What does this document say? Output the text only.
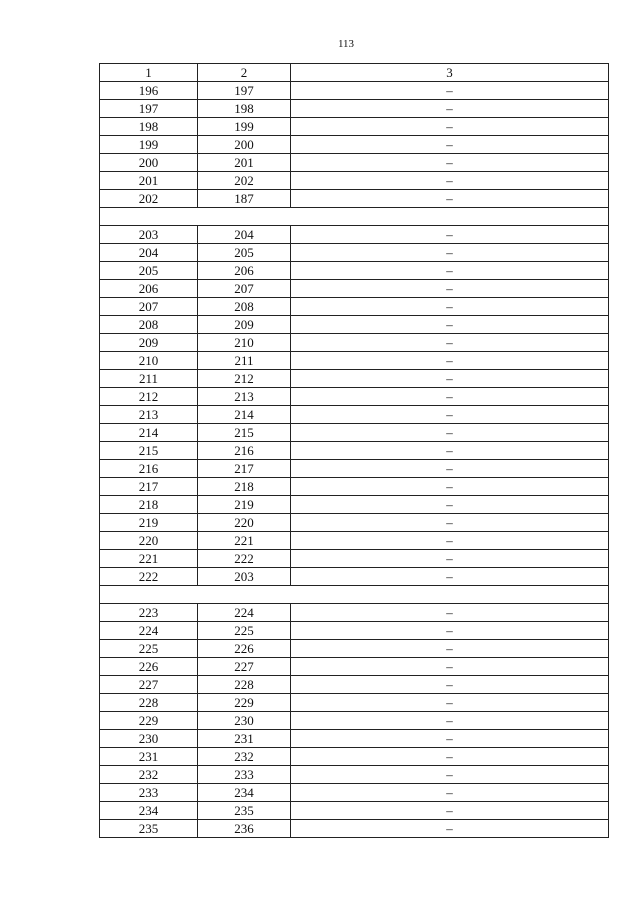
113
1	2	3
196	197	–
197	198	–
198	199	–
199	200	–
200	201	–
201	202	–
202	187	–

203	204	–
204	205	–
205	206	–
206	207	–
207	208	–
208	209	–
209	210	–
210	211	–
211	212	–
212	213	–
213	214	–
214	215	–
215	216	–
216	217	–
217	218	–
218	219	–
219	220	–
220	221	–
221	222	–
222	203	–

223	224	–
224	225	–
225	226	–
226	227	–
227	228	–
228	229	–
229	230	–
230	231	–
231	232	–
232	233	–
233	234	–
234	235	–
235	236	–
